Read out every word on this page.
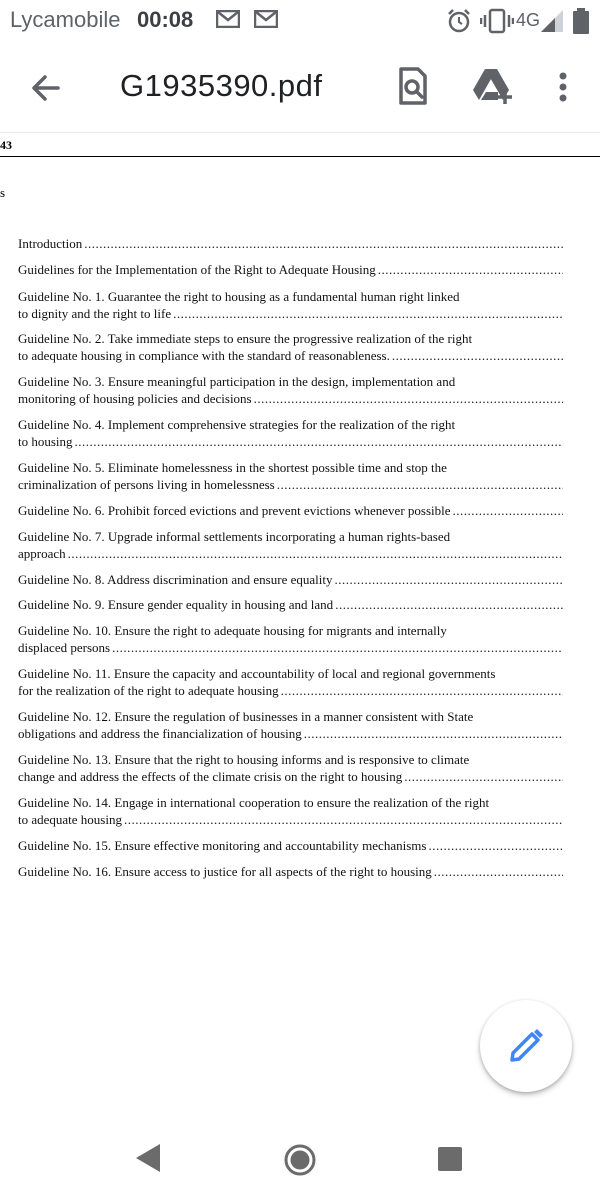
Lycamobile 00:08	4G
G1935390.pdf
43
s
Introduction
.....
Guidelines for the Implementation of the Right to Adequate Housing
.....
Guideline No. 1. Guarantee the right to housing as a fundamental human right linked
to dignity and the right to life
.....
Guideline No. 2. Take immediate steps to ensure the progressive realization of the right
to adequate housing in compliance with the standard of reasonableness.
.....
Guideline No. 3. Ensure meaningful participation in the design, implementation and
monitoring of housing policies and decisions
.....
Guideline No. 4. Implement comprehensive strategies for the realization of the right
to housing
.....
Guideline No. 5. Eliminate homelessness in the shortest possible time and stop the
criminalization of persons living in homelessness
.....
Guideline No. 6. Prohibit forced evictions and prevent evictions whenever possible
.....
Guideline No. 7. Upgrade informal settlements incorporating a human rights-based
approach
.....
Guideline No. 8. Address discrimination and ensure equality
.....
Guideline No. 9. Ensure gender equality in housing and land
.....
Guideline No. 10. Ensure the right to adequate housing for migrants and internally
displaced persons
.....
Guideline No. 11. Ensure the capacity and accountability of local and regional governments
for the realization of the right to adequate housing
.....
Guideline No. 12. Ensure the regulation of businesses in a manner consistent with State
obligations and address the financialization of housing
.....
Guideline No. 13. Ensure that the right to housing informs and is responsive to climate
change and address the effects of the climate crisis on the right to housing
.....
Guideline No. 14. Engage in international cooperation to ensure the realization of the right
to adequate housing
.....
Guideline No. 15. Ensure effective monitoring and accountability mechanisms
.....
Guideline No. 16. Ensure access to justice for all aspects of the right to housing
.....
